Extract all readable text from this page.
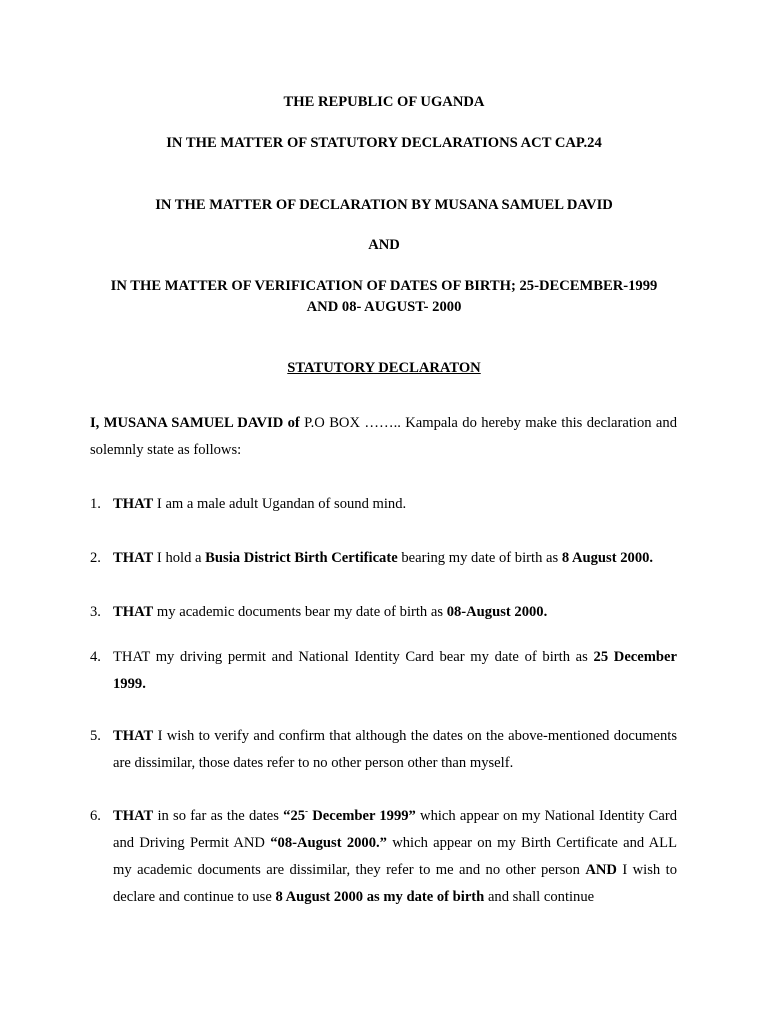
THE REPUBLIC OF UGANDA
IN THE MATTER OF STATUTORY DECLARATIONS ACT CAP.24
IN THE MATTER OF DECLARATION BY MUSANA SAMUEL DAVID
AND
IN THE MATTER OF VERIFICATION OF DATES OF BIRTH; 25-DECEMBER-1999
AND 08- AUGUST- 2000
STATUTORY DECLARATON

I, MUSANA SAMUEL DAVID of P.O BOX …….. Kampala do hereby make this declaration and solemnly state as follows:

1. THAT I am a male adult Ugandan of sound mind.

2. THAT I hold a Busia District Birth Certificate bearing my date of birth as 8 August 2000.

3. THAT my academic documents bear my date of birth as 08-August 2000.

4. THAT my driving permit and National Identity Card bear my date of birth as 25 December 1999.

5. THAT I wish to verify and confirm that although the dates on the above-mentioned documents are dissimilar, those dates refer to no other person other than myself.

6. THAT in so far as the dates “25- December 1999” which appear on my National Identity Card and Driving Permit AND “08-August 2000.” which appear on my Birth Certificate and ALL my academic documents are dissimilar, they refer to me and no other person AND I wish to declare and continue to use 8 August 2000 as my date of birth and shall continue
